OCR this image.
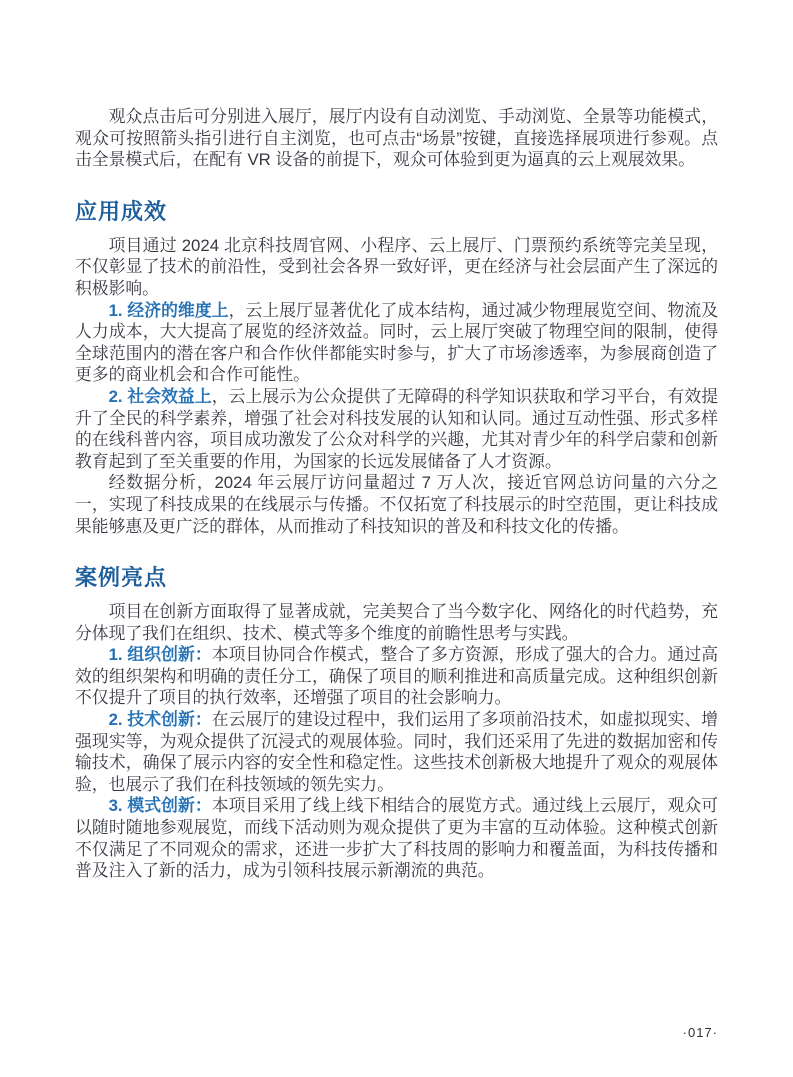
观众点击后可分别进入展厅，展厅内设有自动浏览、手动浏览、全景等功能模式，观众可按照箭头指引进行自主浏览，也可点击“场景”按键，直接选择展项进行参观。点击全景模式后，在配有 VR 设备的前提下，观众可体验到更为逼真的云上观展效果。

应用成效

项目通过 2024 北京科技周官网、小程序、云上展厅、门票预约系统等完美呈现，不仅彰显了技术的前沿性，受到社会各界一致好评，更在经济与社会层面产生了深远的积极影响。

1. 经济的维度上，云上展厅显著优化了成本结构，通过减少物理展览空间、物流及人力成本，大大提高了展览的经济效益。同时，云上展厅突破了物理空间的限制，使得全球范围内的潜在客户和合作伙伴都能实时参与，扩大了市场渗透率，为参展商创造了更多的商业机会和合作可能性。

2. 社会效益上，云上展示为公众提供了无障碍的科学知识获取和学习平台，有效提升了全民的科学素养，增强了社会对科技发展的认知和认同。通过互动性强、形式多样的在线科普内容，项目成功激发了公众对科学的兴趣，尤其对青少年的科学启蒙和创新教育起到了至关重要的作用，为国家的长远发展储备了人才资源。

经数据分析，2024 年云展厅访问量超过 7 万人次，接近官网总访问量的六分之一，实现了科技成果的在线展示与传播。不仅拓宽了科技展示的时空范围，更让科技成果能够惠及更广泛的群体，从而推动了科技知识的普及和科技文化的传播。

案例亮点

项目在创新方面取得了显著成就，完美契合了当今数字化、网络化的时代趋势，充分体现了我们在组织、技术、模式等多个维度的前瞻性思考与实践。

1. 组织创新：本项目协同合作模式，整合了多方资源，形成了强大的合力。通过高效的组织架构和明确的责任分工，确保了项目的顺利推进和高质量完成。这种组织创新不仅提升了项目的执行效率，还增强了项目的社会影响力。

2. 技术创新：在云展厅的建设过程中，我们运用了多项前沿技术，如虚拟现实、增强现实等，为观众提供了沉浸式的观展体验。同时，我们还采用了先进的数据加密和传输技术，确保了展示内容的安全性和稳定性。这些技术创新极大地提升了观众的观展体验，也展示了我们在科技领域的领先实力。

3. 模式创新：本项目采用了线上线下相结合的展览方式。通过线上云展厅，观众可以随时随地参观展览，而线下活动则为观众提供了更为丰富的互动体验。这种模式创新不仅满足了不同观众的需求，还进一步扩大了科技周的影响力和覆盖面，为科技传播和普及注入了新的活力，成为引领科技展示新潮流的典范。

·017·
